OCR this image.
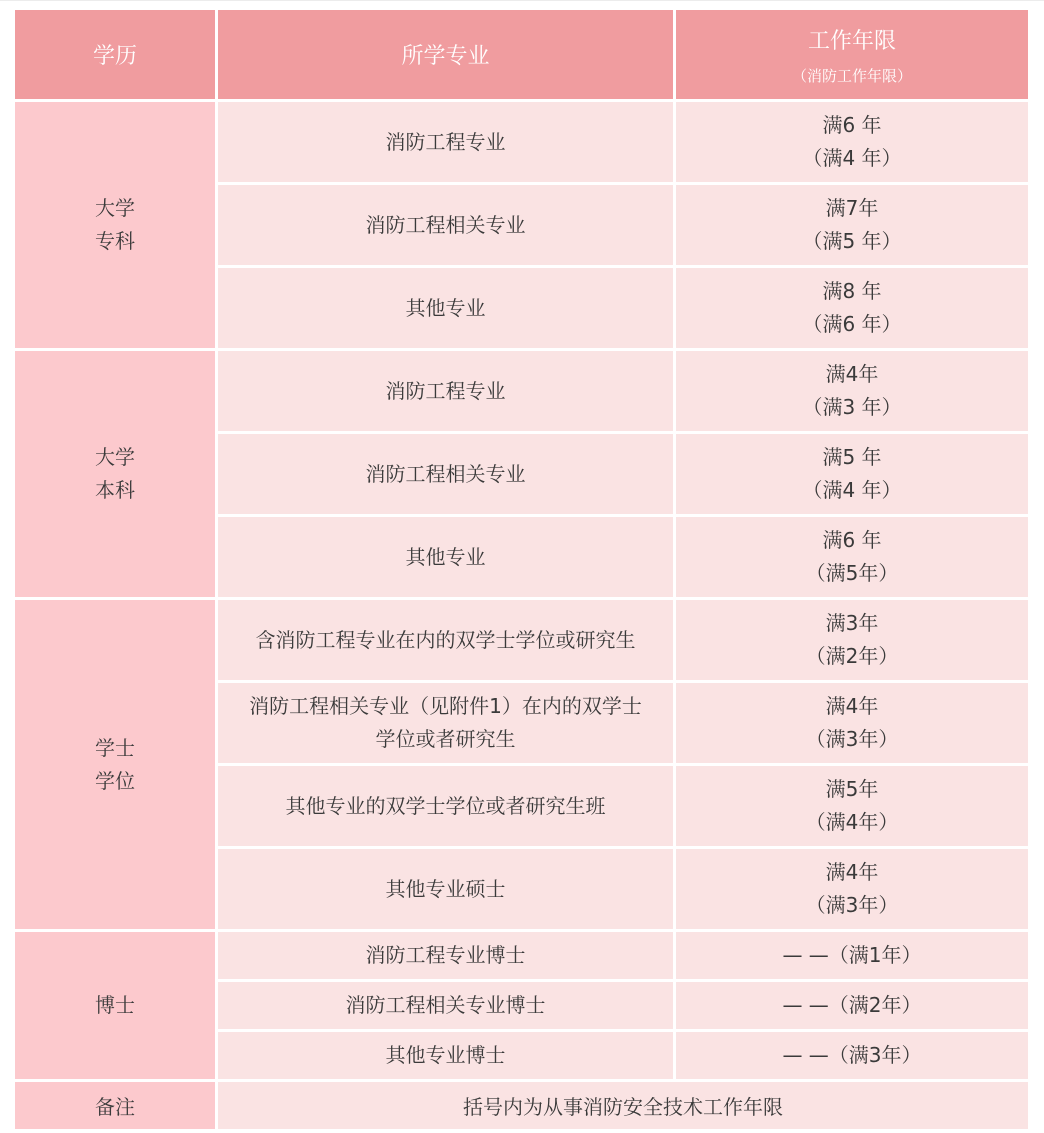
学历	所学专业	工作年限
（消防工作年限）

大学
专科	消防工程专业	满6 年
（满4 年）

	消防工程相关专业	满7年
（满5 年）

	其他专业	满8 年
（满6 年）

大学
本科	消防工程专业	满4年
（满3 年）

	消防工程相关专业	满5 年
（满4 年）

	其他专业	满6 年
（满5年）

学士
学位	含消防工程专业在内的双学士学位或研究生	满3年
（满2年）

	消防工程相关专业（见附件1）在内的双学士
学位或者研究生	满4年
（满3年）

	其他专业的双学士学位或者研究生班	满5年
（满4年）

	其他专业硕士	满4年
（满3年）

博士	消防工程专业博士	— —（满1年）
	消防工程相关专业博士	— —（满2年）
	其他专业博士	— —（满3年）
备注	括号内为从事消防安全技术工作年限	
